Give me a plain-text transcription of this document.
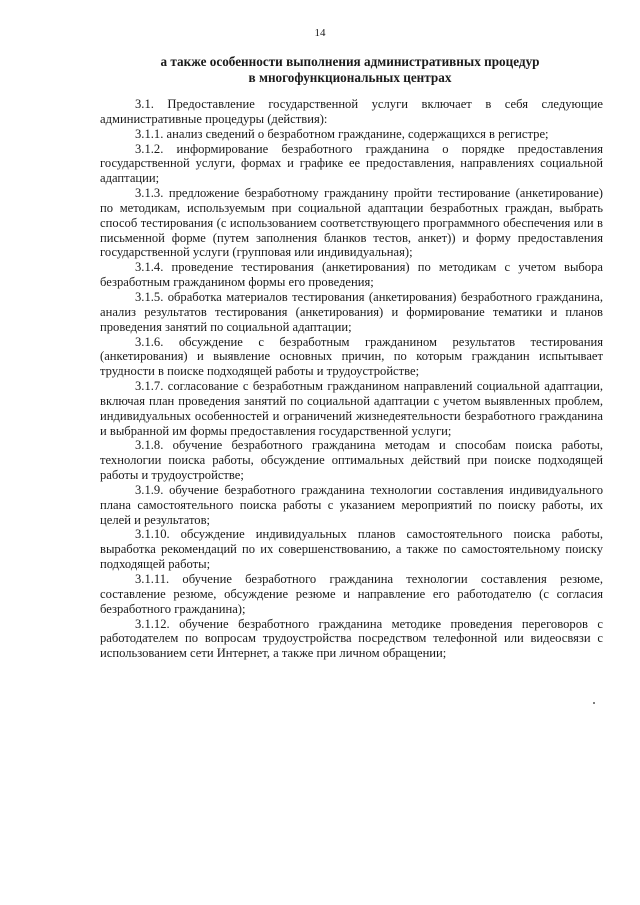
14
а также особенности выполнения административных процедур
в многофункциональных центрах

3.1. Предоставление государственной услуги включает в себя следующие административные процедуры (действия):

3.1.1. анализ сведений о безработном гражданине, содержащихся в регистре;

3.1.2. информирование безработного гражданина о порядке предоставления государственной услуги, формах и графике ее предоставления, направлениях социальной адаптации;

3.1.3. предложение безработному гражданину пройти тестирование (анкетирование) по методикам, используемым при социальной адаптации безработных граждан, выбрать способ тестирования (с использованием соответствующего программного обеспечения или в письменной форме (путем заполнения бланков тестов, анкет)) и форму предоставления государственной услуги (групповая или индивидуальная);

3.1.4. проведение тестирования (анкетирования) по методикам с учетом выбора безработным гражданином формы его проведения;

3.1.5. обработка материалов тестирования (анкетирования) безработного гражданина, анализ результатов тестирования (анкетирования) и формирование тематики и планов проведения занятий по социальной адаптации;

3.1.6. обсуждение с безработным гражданином результатов тестирования (анкетирования) и выявление основных причин, по которым гражданин испытывает трудности в поиске подходящей работы и трудоустройстве;

3.1.7. согласование с безработным гражданином направлений социальной адаптации, включая план проведения занятий по социальной адаптации с учетом выявленных проблем, индивидуальных особенностей и ограничений жизнедеятельности безработного гражданина и выбранной им формы предоставления государственной услуги;

3.1.8. обучение безработного гражданина методам и способам поиска работы, технологии поиска работы, обсуждение оптимальных действий при поиске подходящей работы и трудоустройстве;

3.1.9. обучение безработного гражданина технологии составления индивидуального плана самостоятельного поиска работы с указанием мероприятий по поиску работы, их целей и результатов;

3.1.10. обсуждение индивидуальных планов самостоятельного поиска работы, выработка рекомендаций по их совершенствованию, а также по самостоятельному поиску подходящей работы;

3.1.11. обучение безработного гражданина технологии составления резюме, составление резюме, обсуждение резюме и направление его работодателю (с согласия безработного гражданина);

3.1.12. обучение безработного гражданина методике проведения переговоров с работодателем по вопросам трудоустройства посредством телефонной или видеосвязи с использованием сети Интернет, а также при личном обращении;
